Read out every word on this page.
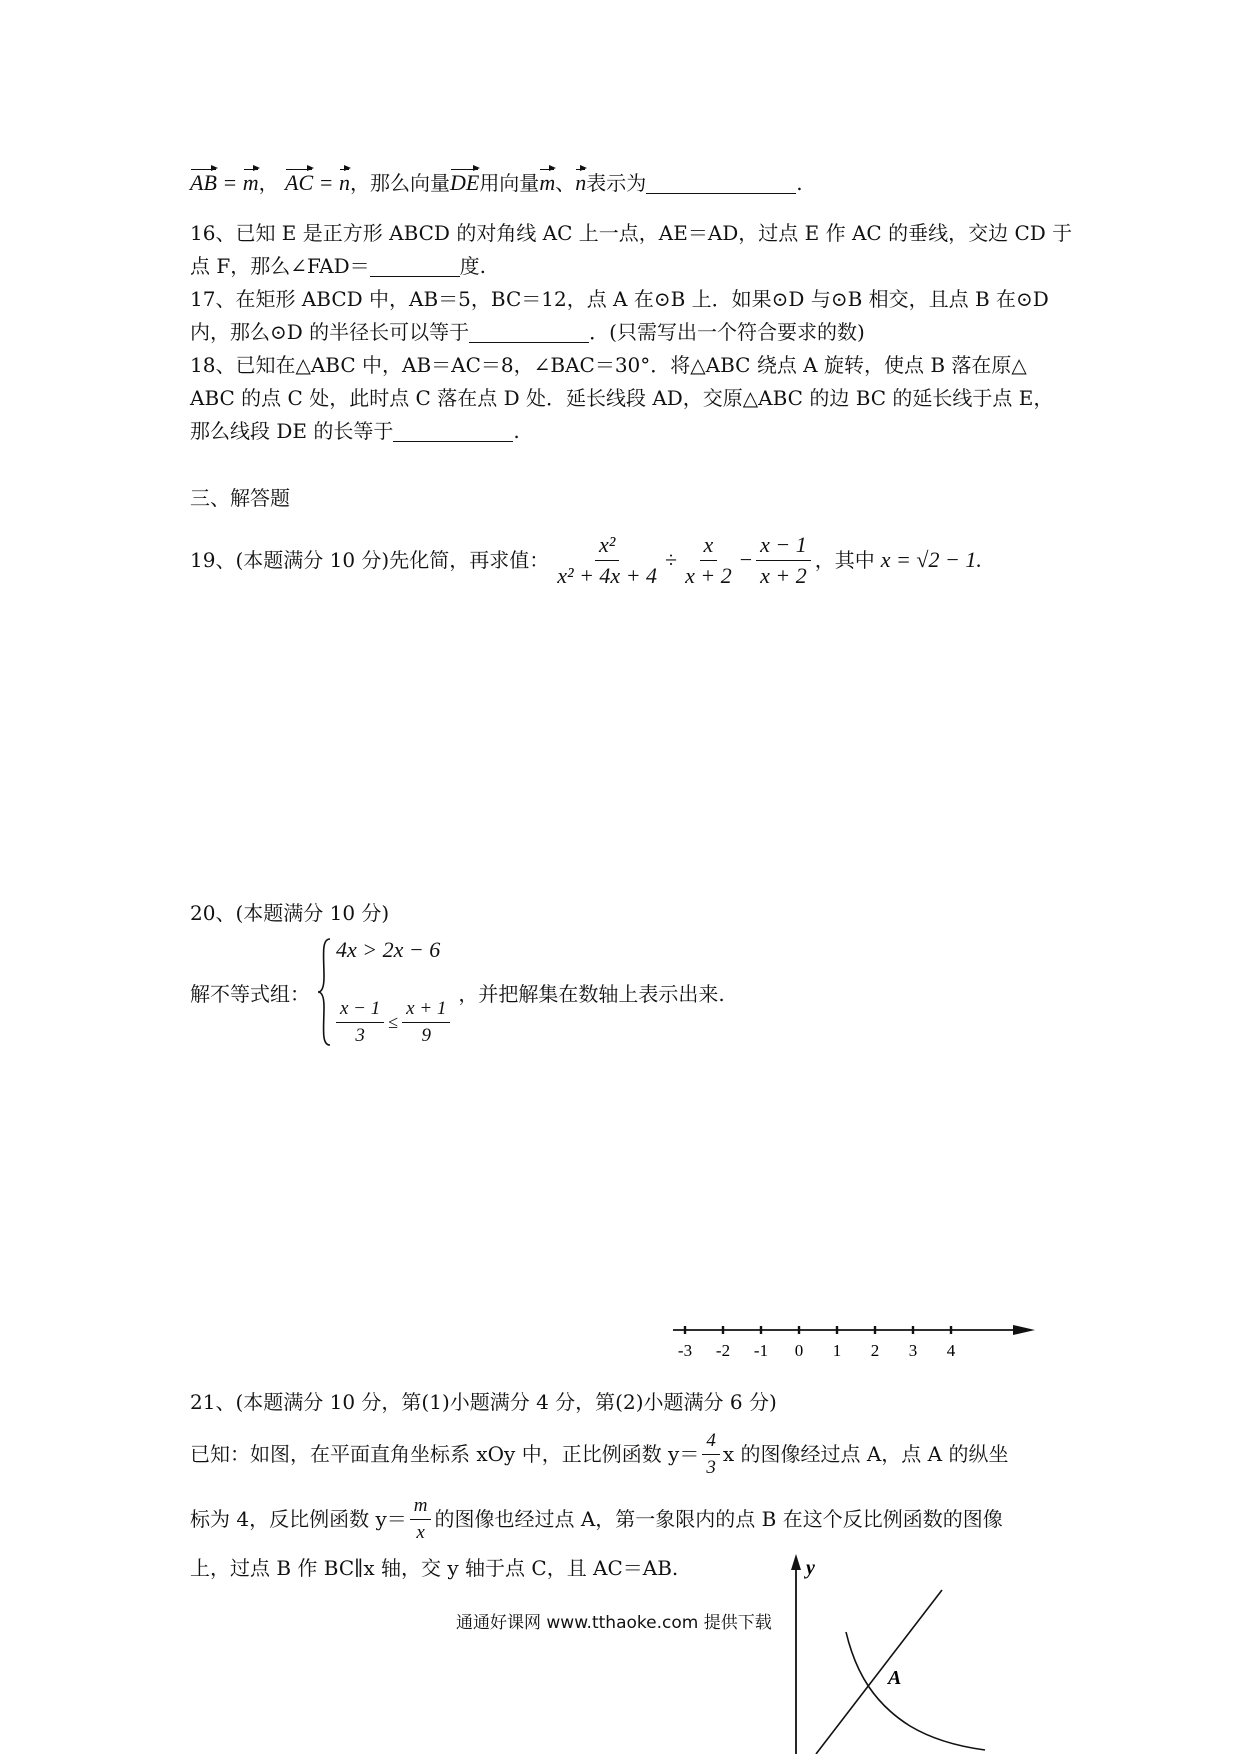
AB = m， AC = n，那么向量DE用向量m、n表示为	.
16、已知 E 是正方形 ABCD 的对角线 AC 上一点，AE＝AD，过点 E 作 AC 的垂线，交边 CD 于
点 F，那么∠FAD＝	度.
17、在矩形 ABCD 中，AB＝5，BC＝12，点 A 在⊙B 上．如果⊙D 与⊙B 相交，且点 B 在⊙D
内，那么⊙D 的半径长可以等于	．(只需写出一个符合要求的数)
18、已知在△ABC 中，AB＝AC＝8，∠BAC＝30°．将△ABC 绕点 A 旋转，使点 B 落在原△
ABC 的点 C 处，此时点 C 落在点 D 处．延长线段 AD，交原△ABC 的边 BC 的延长线于点 E，
那么线段 DE 的长等于	.
三、解答题
19、(本题满分 10 分)先化简，再求值： $\frac{\text{x²}}{\text{x² + 4x + 4}} \div \frac{x}{x + 2} - \frac{x - 1}{x + 2}$ ，其中 x = √2 − 1 .
20、(本题满分 10 分)
解不等式组：
4x > 2x − 6
$\frac{x - 1}{3} \le \frac{x + 1}{9}$
，并把解集在数轴上表示出来.
-3 -2 -1 0 1 2 3 4
21、(本题满分 10 分，第(1)小题满分 4 分，第(2)小题满分 6 分)
已知：如图，在平面直角坐标系 xOy 中，正比例函数 $y= \frac{4}{3}$ x 的图像经过点 A，点 A 的纵坐
标为 4，反比例函数 $y= \frac{m}{x}$ 的图像也经过点 A，第一象限内的点 B 在这个反比例函数的图像
上，过点 B 作 BC∥x 轴，交 y 轴于点 C，且 AC＝AB.	y
A
通通好课网 www.tthaoke.com 提供下载
